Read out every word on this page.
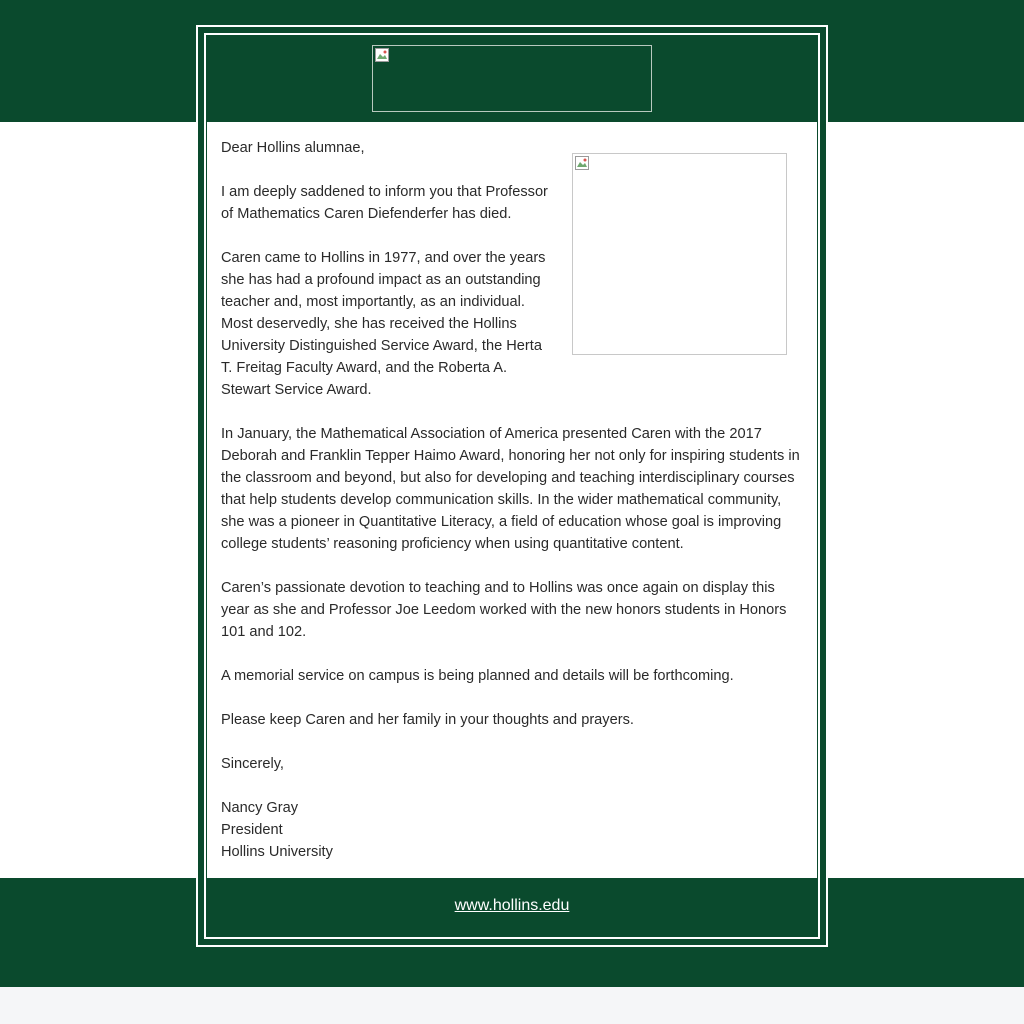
Dear Hollins alumnae,

I am deeply saddened to inform you that Professor of Mathematics Caren Diefenderfer has died.

Caren came to Hollins in 1977, and over the years she has had a profound impact as an outstanding teacher and, most importantly, as an individual. Most deservedly, she has received the Hollins University Distinguished Service Award, the Herta T. Freitag Faculty Award, and the Roberta A. Stewart Service Award.

In January, the Mathematical Association of America presented Caren with the 2017 Deborah and Franklin Tepper Haimo Award, honoring her not only for inspiring students in the classroom and beyond, but also for developing and teaching interdisciplinary courses that help students develop communication skills. In the wider mathematical community, she was a pioneer in Quantitative Literacy, a field of education whose goal is improving college students’ reasoning proficiency when using quantitative content.

Caren’s passionate devotion to teaching and to Hollins was once again on display this year as she and Professor Joe Leedom worked with the new honors students in Honors 101 and 102.

A memorial service on campus is being planned and details will be forthcoming.

Please keep Caren and her family in your thoughts and prayers.

Sincerely,

Nancy Gray

President

Hollins University

www.hollins.edu
